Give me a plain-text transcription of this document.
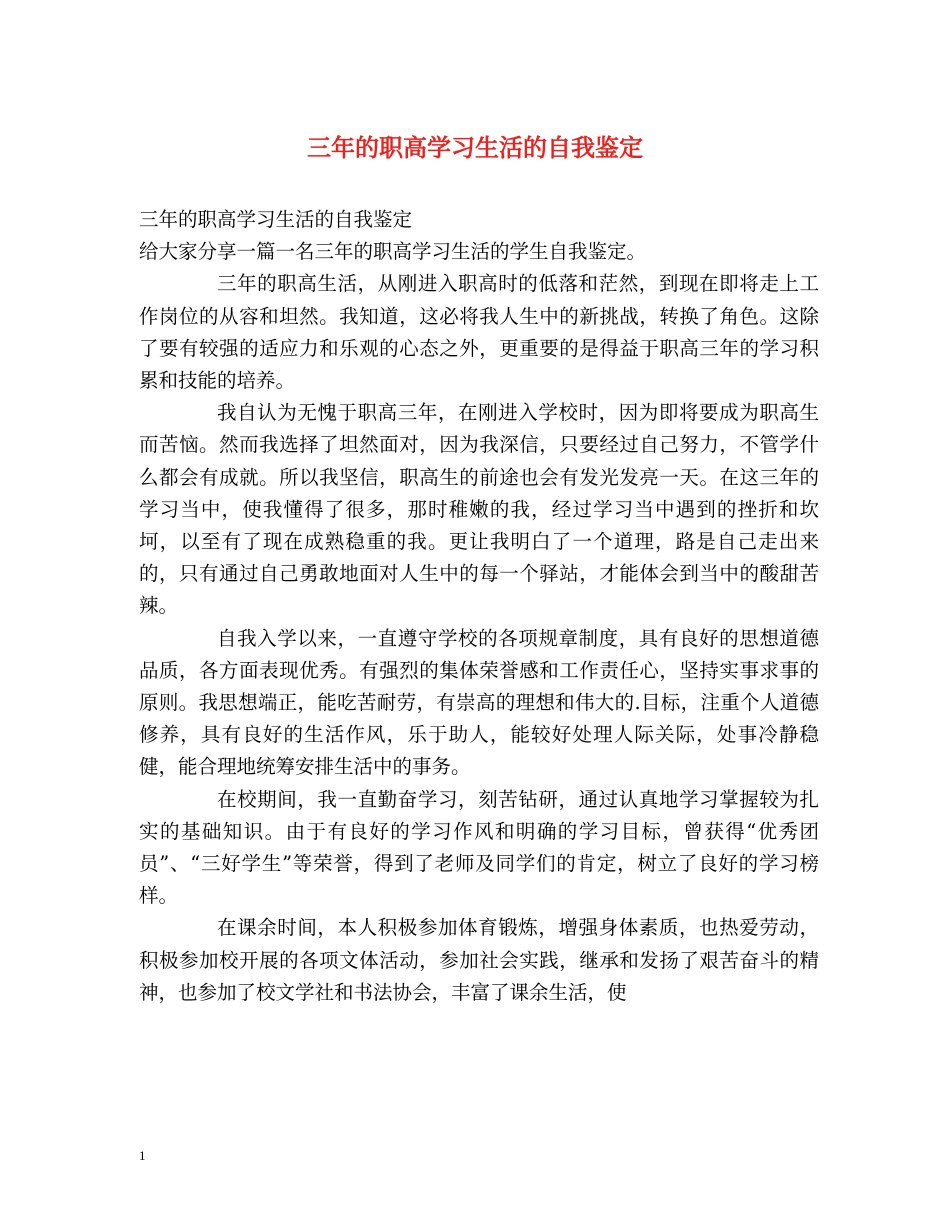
三年的职高学习生活的自我鉴定

三年的职高学习生活的自我鉴定

给大家分享一篇一名三年的职高学习生活的学生自我鉴定。

三年的职高生活，从刚进入职高时的低落和茫然，到现在即将走上工作岗位的从容和坦然。我知道，这必将我人生中的新挑战，转换了角色。这除了要有较强的适应力和乐观的心态之外，更重要的是得益于职高三年的学习积累和技能的培养。

我自认为无愧于职高三年，在刚进入学校时，因为即将要成为职高生而苦恼。然而我选择了坦然面对，因为我深信，只要经过自己努力，不管学什么都会有成就。所以我坚信，职高生的前途也会有发光发亮一天。在这三年的学习当中，使我懂得了很多，那时稚嫩的我，经过学习当中遇到的挫折和坎坷，以至有了现在成熟稳重的我。更让我明白了一个道理，路是自己走出来的，只有通过自己勇敢地面对人生中的每一个驿站，才能体会到当中的酸甜苦辣。

自我入学以来，一直遵守学校的各项规章制度，具有良好的思想道德品质，各方面表现优秀。有强烈的集体荣誉感和工作责任心，坚持实事求事的原则。我思想端正，能吃苦耐劳，有崇高的理想和伟大的.目标，注重个人道德修养，具有良好的生活作风，乐于助人，能较好处理人际关际，处事冷静稳健，能合理地统筹安排生活中的事务。

在校期间，我一直勤奋学习，刻苦钻研，通过认真地学习掌握较为扎实的基础知识。由于有良好的学习作风和明确的学习目标，曾获得“优秀团员”、“三好学生”等荣誉，得到了老师及同学们的肯定，树立了良好的学习榜样。

在课余时间，本人积极参加体育锻炼，增强身体素质，也热爱劳动，积极参加校开展的各项文体活动，参加社会实践，继承和发扬了艰苦奋斗的精神，也参加了校文学社和书法协会，丰富了课余生活，使

1
